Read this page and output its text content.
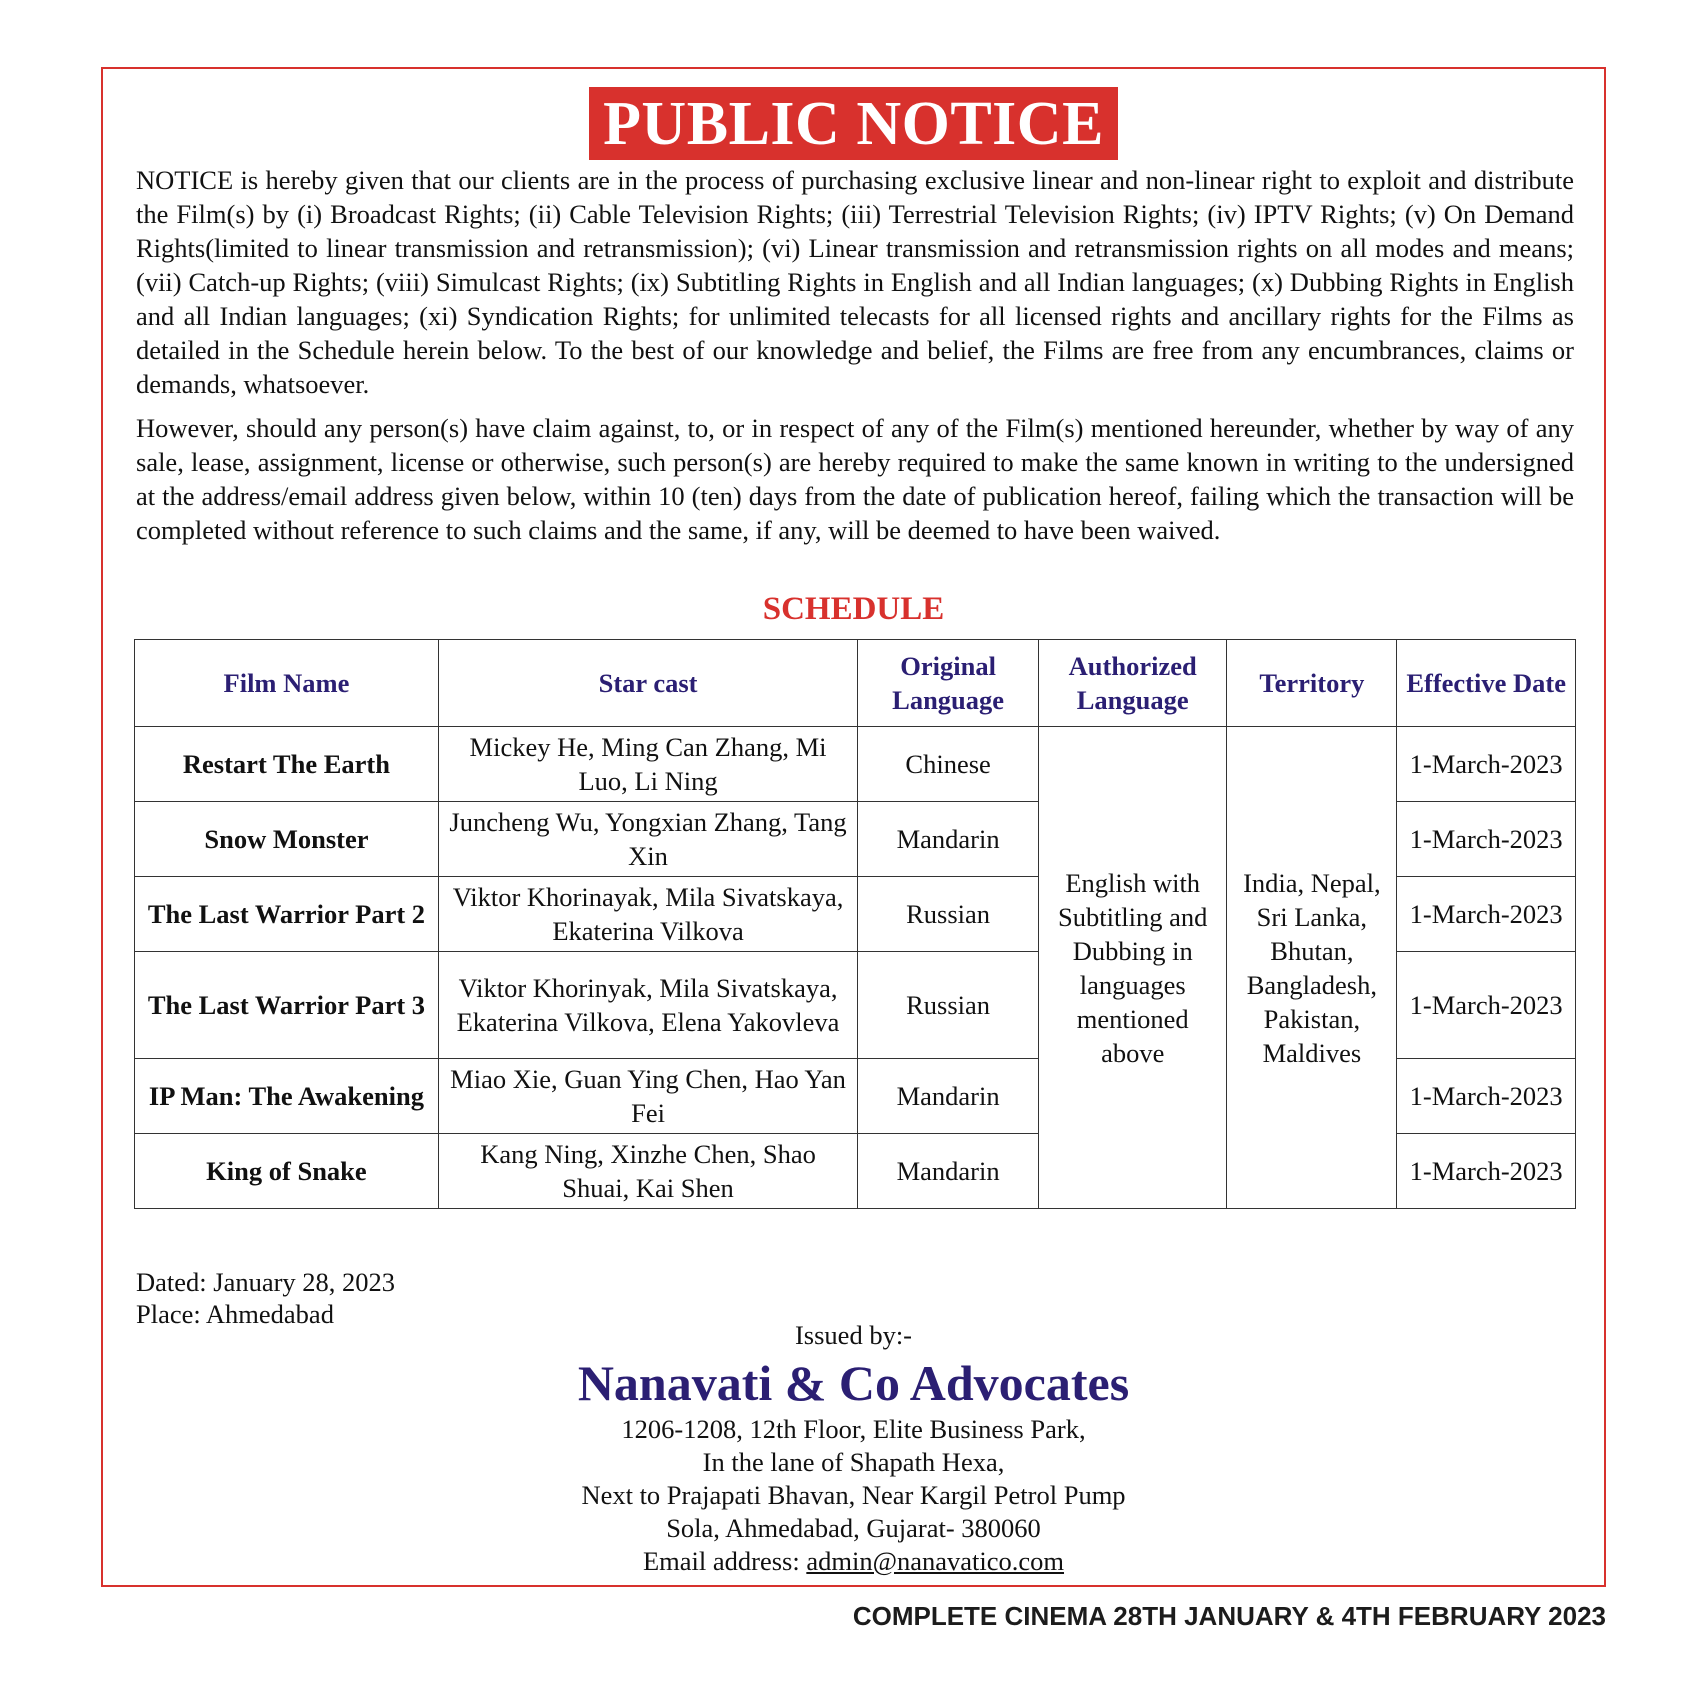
PUBLIC NOTICE

NOTICE is hereby given that our clients are in the process of purchasing exclusive linear and non-linear right to exploit and distribute the Film(s) by (i) Broadcast Rights; (ii) Cable Television Rights; (iii) Terrestrial Television Rights; (iv) IPTV Rights; (v) On Demand Rights(limited to linear transmission and retransmission); (vi) Linear transmission and retransmission rights on all modes and means; (vii) Catch-up Rights; (viii) Simulcast Rights; (ix) Subtitling Rights in English and all Indian languages; (x) Dubbing Rights in English and all Indian languages; (xi) Syndication Rights; for unlimited telecasts for all licensed rights and ancillary rights for the Films as detailed in the Schedule herein below. To the best of our knowledge and belief, the Films are free from any encumbrances, claims or demands, whatsoever.

However, should any person(s) have claim against, to, or in respect of any of the Film(s) mentioned hereunder, whether by way of any sale, lease, assignment, license or otherwise, such person(s) are hereby required to make the same known in writing to the undersigned at the address/email address given below, within 10 (ten) days from the date of publication hereof, failing which the transaction will be completed without reference to such claims and the same, if any, will be deemed to have been waived.

SCHEDULE
Film Name	Star cast	Original Language	Authorized Language	Territory	Effective Date
Restart The Earth	Mickey He, Ming Can Zhang, Mi Luo, Li Ning	Chinese	English with Subtitling and Dubbing in languages mentioned above	India, Nepal, Sri Lanka, Bhutan, Bangladesh, Pakistan, Maldives	1-March-2023
Snow Monster	Juncheng Wu, Yongxian Zhang, Tang Xin	Mandarin			1-March-2023
The Last Warrior Part 2	Viktor Khorinayak, Mila Sivatskaya, Ekaterina Vilkova	Russian			1-March-2023
The Last Warrior Part 3	Viktor Khorinyak, Mila Sivatskaya, Ekaterina Vilkova, Elena Yakovleva	Russian			1-March-2023
IP Man: The Awakening	Miao Xie, Guan Ying Chen, Hao Yan Fei	Mandarin			1-March-2023
King of Snake	Kang Ning, Xinzhe Chen, Shao Shuai, Kai Shen	Mandarin			1-March-2023
Dated: January 28, 2023
Place: Ahmedabad
Issued by:-
Nanavati & Co Advocates
1206-1208, 12th Floor, Elite Business Park,
In the lane of Shapath Hexa,
Next to Prajapati Bhavan, Near Kargil Petrol Pump
Sola, Ahmedabad, Gujarat- 380060
Email address: admin@nanavatico.com
COMPLETE CINEMA 28TH JANUARY & 4TH FEBRUARY 2023
